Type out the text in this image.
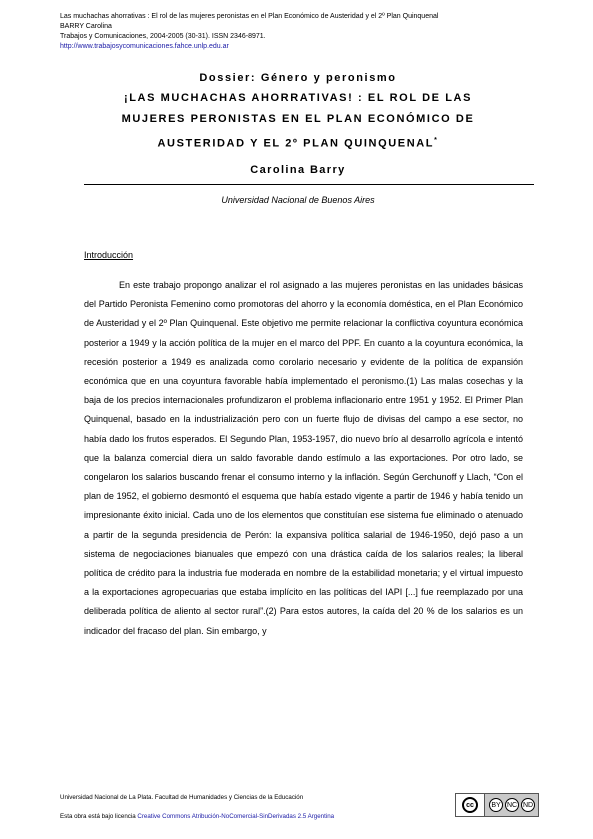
Las muchachas ahorrativas : El rol de las mujeres peronistas en el Plan Económico de Austeridad y el 2º Plan Quinquenal
BARRY Carolina
Trabajos y Comunicaciones, 2004-2005 (30-31). ISSN 2346-8971.
http://www.trabajosycomunicaciones.fahce.unlp.edu.ar
Dossier: Género y peronismo
¡LAS MUCHACHAS AHORRATIVAS! : EL ROL DE LAS
MUJERES PERONISTAS EN EL PLAN ECONÓMICO DE
AUSTERIDAD Y EL 2º PLAN QUINQUENAL*
Carolina Barry
Universidad Nacional de Buenos Aires
Introducción

En este trabajo propongo analizar el rol asignado a las mujeres peronistas en las unidades básicas del Partido Peronista Femenino como promotoras del ahorro y la economía doméstica, en el Plan Económico de Austeridad y el 2º Plan Quinquenal. Este objetivo me permite relacionar la conflictiva coyuntura económica posterior a 1949 y la acción política de la mujer en el marco del PPF. En cuanto a la coyuntura económica, la recesión posterior a 1949 es analizada como corolario necesario y evidente de la política de expansión económica que en una coyuntura favorable había implementado el peronismo.(1) Las malas cosechas y la baja de los precios internacionales profundizaron el problema inflacionario entre 1951 y 1952. El Primer Plan Quinquenal, basado en la industrialización pero con un fuerte flujo de divisas del campo a ese sector, no había dado los frutos esperados. El Segundo Plan, 1953-1957, dio nuevo brío al desarrollo agrícola e intentó que la balanza comercial diera un saldo favorable dando estímulo a las exportaciones. Por otro lado, se congelaron los salarios buscando frenar el consumo interno y la inflación. Según Gerchunoff y Llach, “Con el plan de 1952, el gobierno desmontó el esquema que había estado vigente a partir de 1946 y había tenido un impresionante éxito inicial. Cada uno de los elementos que constituían ese sistema fue eliminado o atenuado a partir de la segunda presidencia de Perón: la expansiva política salarial de 1946-1950, dejó paso a un sistema de negociaciones bianuales que empezó con una drástica caída de los salarios reales; la liberal política de crédito para la industria fue moderada en nombre de la estabilidad monetaria; y el virtual impuesto a la exportaciones agropecuarias que estaba implícito en las políticas del IAPI [...] fue reemplazado por una deliberada política de aliento al sector rural”.(2) Para estos autores, la caída del 20 % de los salarios es un indicador del fracaso del plan. Sin embargo, y

Universidad Nacional de La Plata. Facultad de Humanidades y Ciencias de la Educación
Esta obra está bajo licencia Creative Commons Atribución-NoComercial-SinDerivadas 2.5 Argentina
cc	BY NC ND
